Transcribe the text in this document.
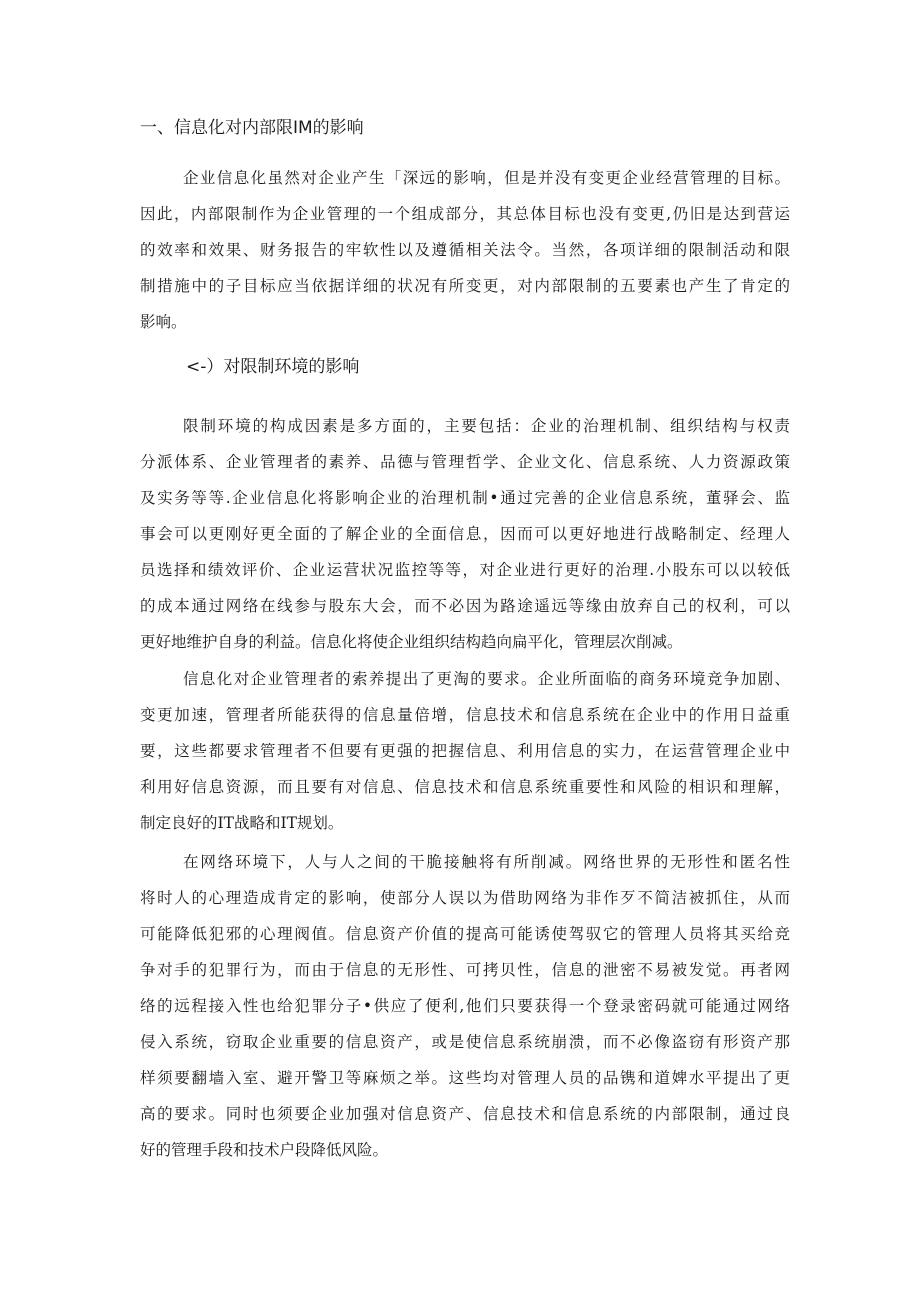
一、信息化对内部限IM的影响
企业信息化虽然对企业产生「深远的影响，但是并没有变更企业经营管理的目标。
因此，内部限制作为企业管理的一个组成部分，其总体目标也没有变更,仍旧是达到营运
的效率和效果、财务报告的牢软性以及遵循相关法令。当然，各项详细的限制活动和限
制措施中的子目标应当依据详细的状况有所变更，对内部限制的五要素也产生了肯定的
影响。
<-）对限制环境的影响
限制环境的构成因素是多方面的，主要包括：企业的治理机制、组织结构与权责
分派体系、企业管理者的素养、品德与管理哲学、企业文化、信息系统、人力资源政策
及实务等等.企业信息化将影响企业的治理机制•通过完善的企业信息系统，董驿会、监
事会可以更刚好更全面的了解企业的全面信息，因而可以更好地进行战略制定、经理人
员选择和绩效评价、企业运营状况监控等等，对企业进行更好的治理.小股东可以以较低
的成本通过网络在线参与股东大会，而不必因为路途遥远等缘由放弃自己的权利，可以
更好地维护自身的利益。信息化将使企业组织结构趋向扁平化，管理层次削减。
信息化对企业管理者的索养提出了更淘的要求。企业所面临的商务环境竞争加剧、
变更加速，管理者所能获得的信息量倍增，信息技术和信息系统在企业中的作用日益重
要，这些都要求管理者不但要有更强的把握信息、利用信息的实力，在运营管理企业中
利用好信息资源，而且要有对信息、信息技术和信息系统重要性和风险的相识和理解，
制定良好的IT战略和IT规划。
在网络环境下，人与人之间的干脆接触将有所削减。网络世界的无形性和匿名性
将时人的心理造成肯定的影响，使部分人误以为借助网络为非作歹不简洁被抓住，从而
可能降低犯邪的心理阀值。信息资产价值的提高可能诱使驾驭它的管理人员将其买给竞
争对手的犯罪行为，而由于信息的无形性、可拷贝性，信息的泄密不易被发觉。再者网
络的远程接入性也给犯罪分子•供应了便利,他们只要获得一个登录密码就可能通过网络
侵入系统，窃取企业重要的信息资产，或是使信息系统崩溃，而不必像盗窃有形资产那
样须要翻墙入室、避开警卫等麻烦之举。这些均对管理人员的品镌和道婢水平提出了更
高的要求。同时也须要企业加强对信息资产、信息技术和信息系统的内部限制，通过良
好的管理手段和技术户段降低风险。
